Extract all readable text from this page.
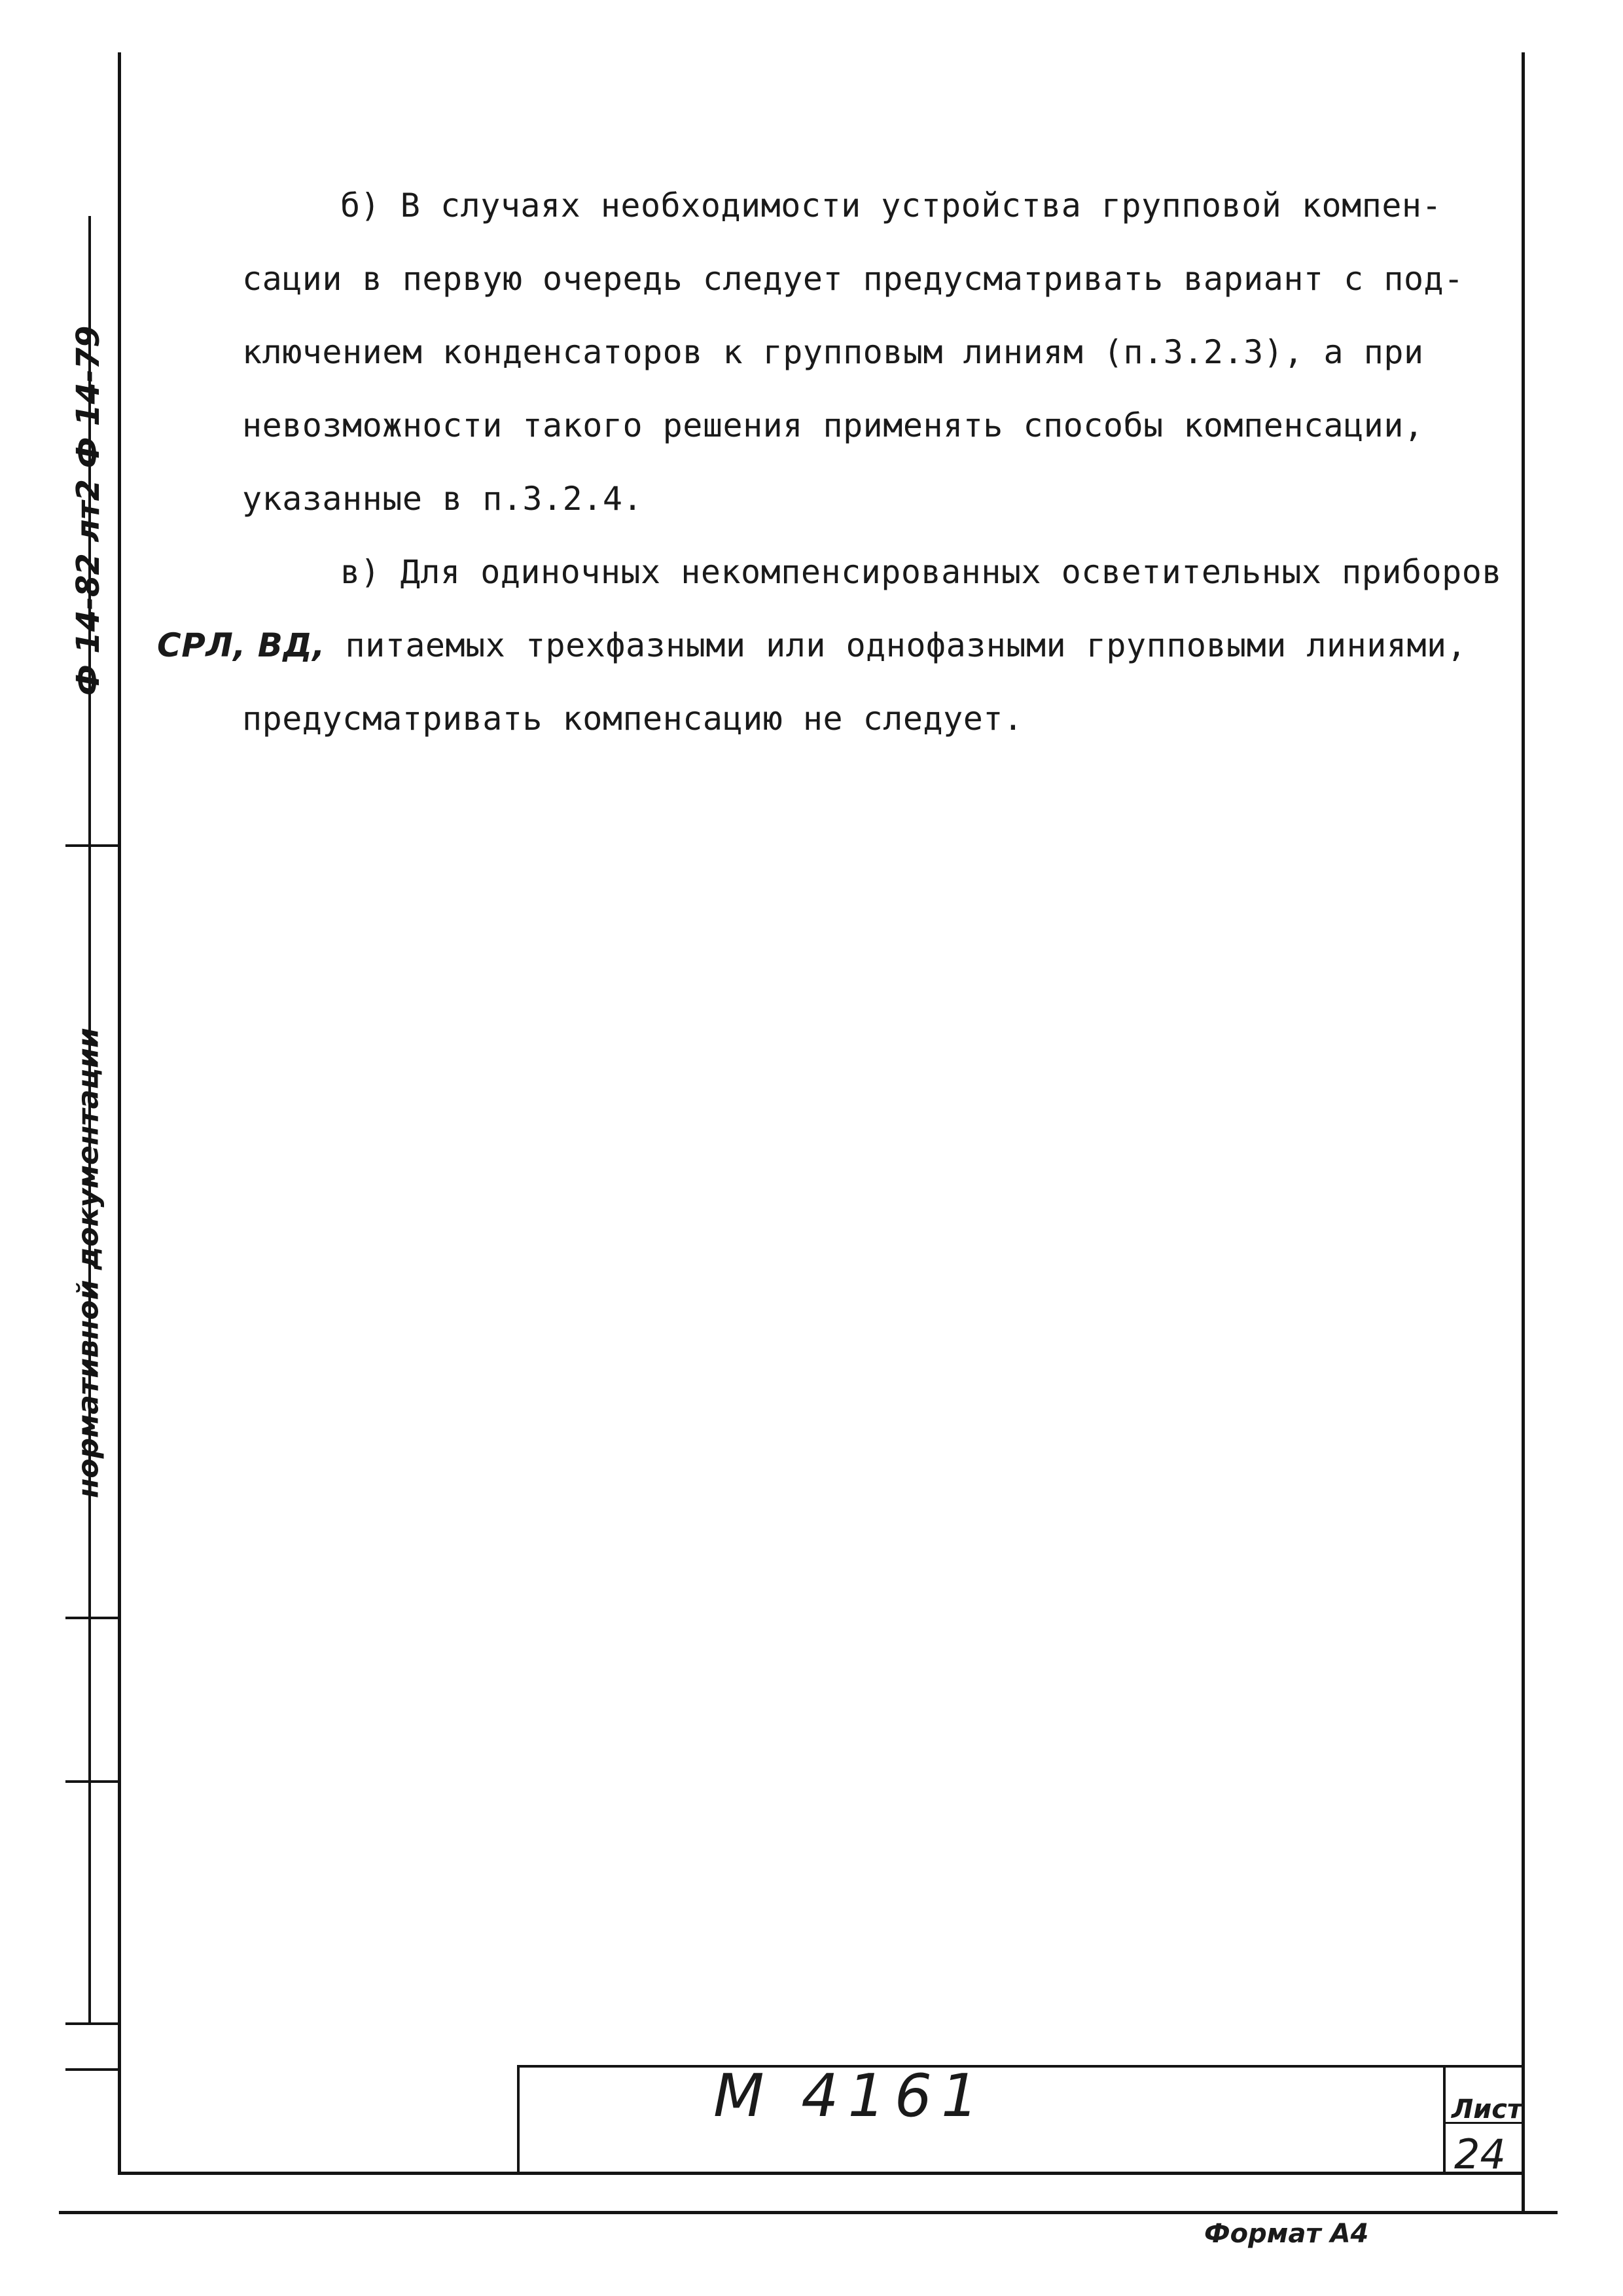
Ф 14-82 лт2 Ф 14-79
нормативной документации
б) В случаях необходимости устройства групповой компен-
сации в первую очередь следует предусматривать вариант с под-
ключением конденсаторов к групповым линиям (п.3.2.3), а при
невозможности такого решения применять способы компенсации,
указанные в п.3.2.4.
в) Для одиночных некомпенсированных осветительных приборов
СРЛ, ВД, питаемых трехфазными или однофазными групповыми линиями,
предусматривать компенсацию не следует.
М 4161	Лист
24
Формат А4
